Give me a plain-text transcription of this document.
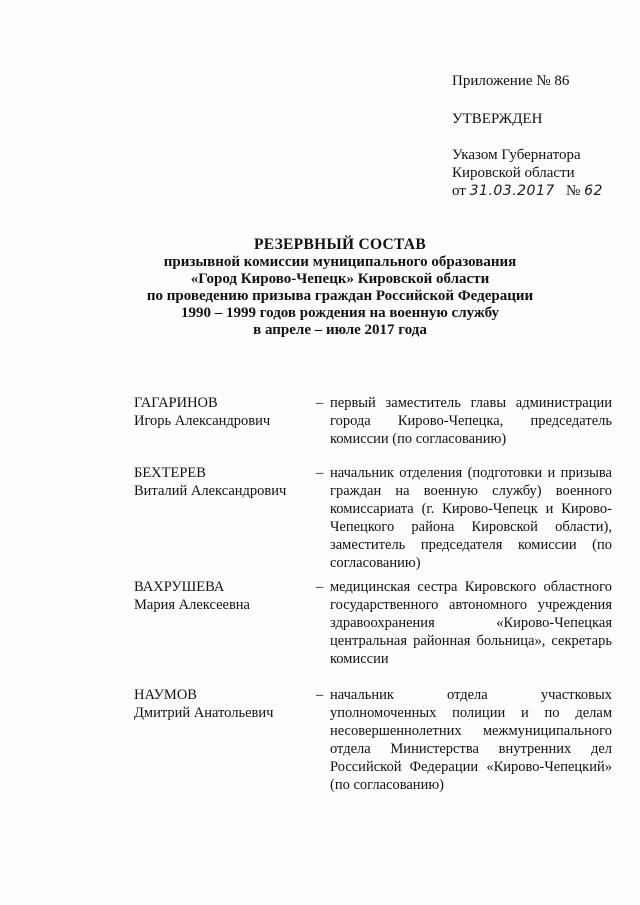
Приложение № 86
УТВЕРЖДЕН
Указом Губернатора
Кировской области
от 31.03.2017 № 62
РЕЗЕРВНЫЙ СОСТАВ
призывной комиссии муниципального образования
«Город Кирово-Чепецк» Кировской области
по проведению призыва граждан Российской Федерации
1990 – 1999 годов рождения на военную службу
в апреле – июле 2017 года
ГАГАРИНОВ
Игорь Александрович
– первый заместитель главы администрации города Кирово-Чепецка, председатель комиссии (по согласованию)
БЕХТЕРЕВ
Виталий Александрович
– начальник отделения (подготовки и призыва граждан на военную службу) военного комиссариата (г. Кирово-Чепецк и Кирово-Чепецкого района Кировской области), заместитель председателя комиссии (по согласованию)
ВАХРУШЕВА
Мария Алексеевна
– медицинская сестра Кировского областного государственного автономного учреждения здравоохранения «Кирово-Чепецкая центральная районная больница», секретарь комиссии
НАУМОВ
Дмитрий Анатольевич
– начальник отдела участковых уполномоченных полиции и по делам несовершеннолетних межмуниципального отдела Министерства внутренних дел Российской Федерации «Кирово-Чепецкий» (по согласованию)
